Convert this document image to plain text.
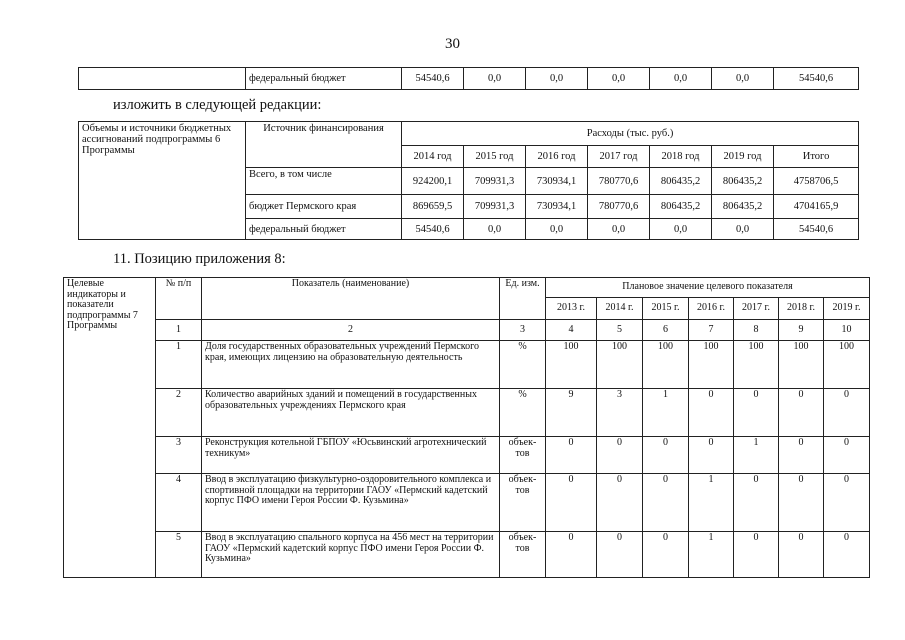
30
	федеральный бюджет	54540,6	0,0	0,0	0,0	0,0	0,0	54540,6
изложить в следующей редакции:
Объемы и источники бюджетных ассигнований подпрограммы 6 Программы	Источник финансирования	Расходы (тыс. руб.)						
		2014 год	2015 год	2016 год	2017 год	2018 год	2019 год	Итого
	Всего, в том числе	924200,1	709931,3	730934,1	780770,6	806435,2	806435,2	4758706,5
	бюджет Пермского края	869659,5	709931,3	730934,1	780770,6	806435,2	806435,2	4704165,9
	федеральный бюджет	54540,6	0,0	0,0	0,0	0,0	0,0	54540,6
11. Позицию приложения 8:
Целевые индикаторы и показатели подпрограммы 7 Программы	№ п/п	Показатель (наименование)	Ед. изм.	Плановое значение целевого показателя						
				2013 г.	2014 г.	2015 г.	2016 г.	2017 г.	2018 г.	2019 г.
	1	2	3	4	5	6	7	8	9	10
	1	Доля государственных образовательных учреждений Пермского края, имеющих лицензию на образовательную деятельность	%	100	100	100	100	100	100	100
	2	Количество аварийных зданий и помещений в государственных образовательных учреждениях Пермского края	%	9	3	1	0	0	0	0
	3	Реконструкция котельной ГБПОУ «Юсьвинский агротехнический техникум»	объек-тов	0	0	0	0	1	0	0
	4	Ввод в эксплуатацию физкультурно-оздоровительного комплекса и спортивной площадки на территории ГАОУ «Пермский кадетский корпус ПФО имени Героя России Ф. Кузьмина»	объек-тов	0	0	0	1	0	0	0
	5	Ввод в эксплуатацию спального корпуса на 456 мест на территории ГАОУ «Пермский кадетский корпус ПФО имени Героя России Ф. Кузьмина»	объек-тов	0	0	0	1	0	0	0
